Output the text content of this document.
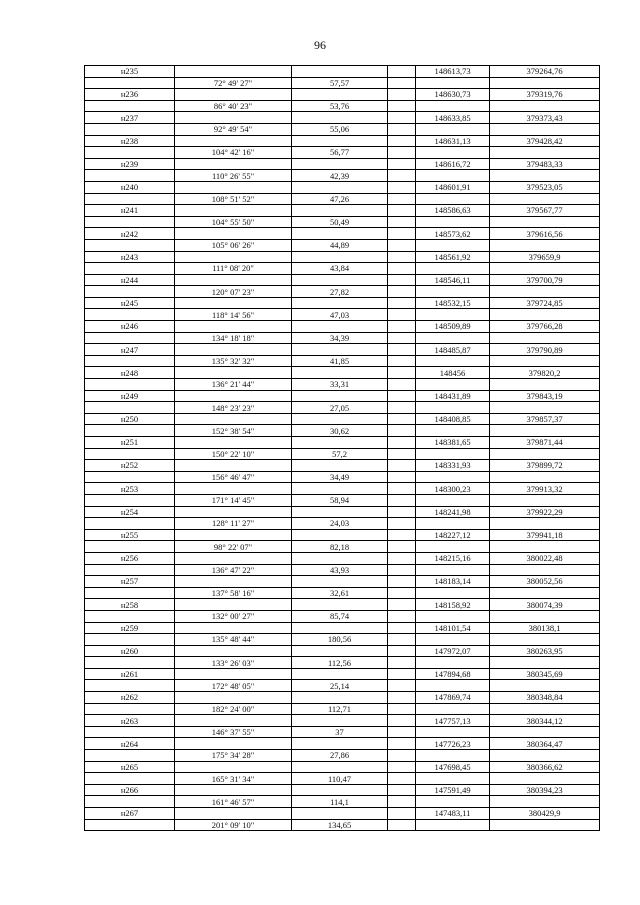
96
н235				148613,73	379264,76
	72° 49' 27"	57,57			
н236				148630,73	379319,76
	86° 40' 23"	53,76			
н237				148633,85	379373,43
	92° 49' 54"	55,06			
н238				148631,13	379428,42
	104° 42' 16"	56,77			
н239				148616,72	379483,33
	110° 26' 55"	42,39			
н240				148601,91	379523,05
	108° 51' 52"	47,26			
н241				148586,63	379567,77
	104° 55' 50"	50,49			
н242				148573,62	379616,56
	105° 06' 26"	44,89			
н243				148561,92	379659,9
	111° 08' 20"	43,84			
н244				148546,11	379700,79
	120° 07' 23"	27,82			
н245				148532,15	379724,85
	118° 14' 56"	47,03			
н246				148509,89	379766,28
	134° 18' 18"	34,39			
н247				148485,87	379790,89
	135° 32' 32"	41,85			
н248				148456	379820,2
	136° 21' 44"	33,31			
н249				148431,89	379843,19
	148° 23' 23"	27,05			
н250				148408,85	379857,37
	152° 38' 54"	30,62			
н251				148381,65	379871,44
	150° 22' 10"	57,2			
н252				148331,93	379899,72
	156° 46' 47"	34,49			
н253				148300,23	379913,32
	171° 14' 45"	58,94			
н254				148241,98	379922,29
	128° 11' 27"	24,03			
н255				148227,12	379941,18
	98° 22' 07"	82,18			
н256				148215,16	380022,48
	136° 47' 22"	43,93			
н257				148183,14	380052,56
	137° 58' 16"	32,61			
н258				148158,92	380074,39
	132° 00' 27"	85,74			
н259				148101,54	380138,1
	135° 48' 44"	180,56			
н260				147972,07	380263,95
	133° 26' 03"	112,56			
н261				147894,68	380345,69
	172° 48' 05"	25,14			
н262				147869,74	380348,84
	182° 24' 00"	112,71			
н263				147757,13	380344,12
	146° 37' 55"	37			
н264				147726,23	380364,47
	175° 34' 28"	27,86			
н265				147698,45	380366,62
	165° 31' 34"	110,47			
н266				147591,49	380394,23
	161° 46' 57"	114,1			
н267				147483,11	380429,9
	201° 09' 10"	134,65			
